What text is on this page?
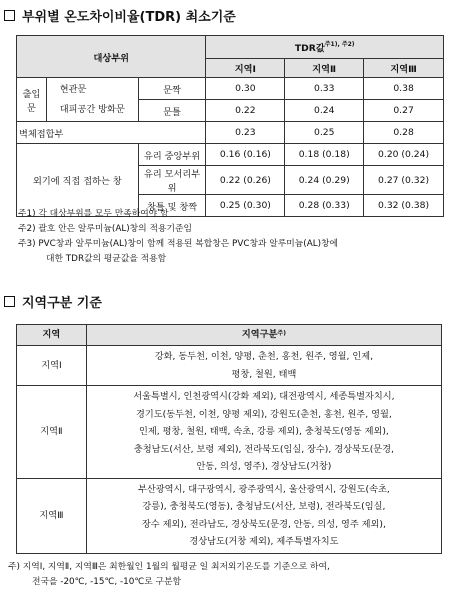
부위별 온도차이비율(TDR) 최소기준
대상부위			TDR값$^{주1), 주2)}$
			지역Ⅰ	지역Ⅱ	지역Ⅲ
출입문	현관문
대피공간 방화문	문짝	0.30	0.33	0.38
		문틀	0.22	0.24	0.27
벽체접합부			0.23	0.25	0.28
외기에 직접 접하는 창		유리 중앙부위	0.16 (0.16)	0.18 (0.18)	0.20 (0.24)
		유리 모서리부위	0.22 (0.26)	0.24 (0.29)	0.27 (0.32)
		창틀 및 창짝	0.25 (0.30)	0.28 (0.33)	0.32 (0.38)
주1) 각 대상부위를 모두 만족하여야 함
주2) 괄호 안은 알루미늄(AL)창의 적용기준임
주3) PVC창과 알루미늄(AL)창이 함께 적용된 복합창은 PVC창과 알루미늄(AL)창에
대한 TDR값의 평균값을 적용함
지역구분 기준
지역	지역구분$^{주)}$
지역Ⅰ	강화, 동두천, 이천, 양평, 춘천, 홍천, 원주, 영월, 인제,
평창, 철원, 태백

지역Ⅱ	서울특별시, 인천광역시(강화 제외), 대전광역시, 세종특별자치시,
경기도(동두천, 이천, 양평 제외), 강원도(춘천, 홍천, 원주, 영월,
인제, 평창, 철원, 태백, 속초, 강릉 제외), 충청북도(영동 제외),
충청남도(서산, 보령 제외), 전라북도(임실, 장수), 경상북도(문경,
안동, 의성, 영주), 경상남도(거창)

지역Ⅲ	부산광역시, 대구광역시, 광주광역시, 울산광역시, 강원도(속초,
강릉), 충청북도(영동), 충청남도(서산, 보령), 전라북도(임실,
장수 제외), 전라남도, 경상북도(문경, 안동, 의성, 영주 제외),
경상남도(거창 제외), 제주특별자치도
주) 지역Ⅰ, 지역Ⅱ, 지역Ⅲ은 최한월인 1월의 월평균 일 최저외기온도를 기준으로 하여,
전국을 -20℃, -15℃, -10℃로 구분함
